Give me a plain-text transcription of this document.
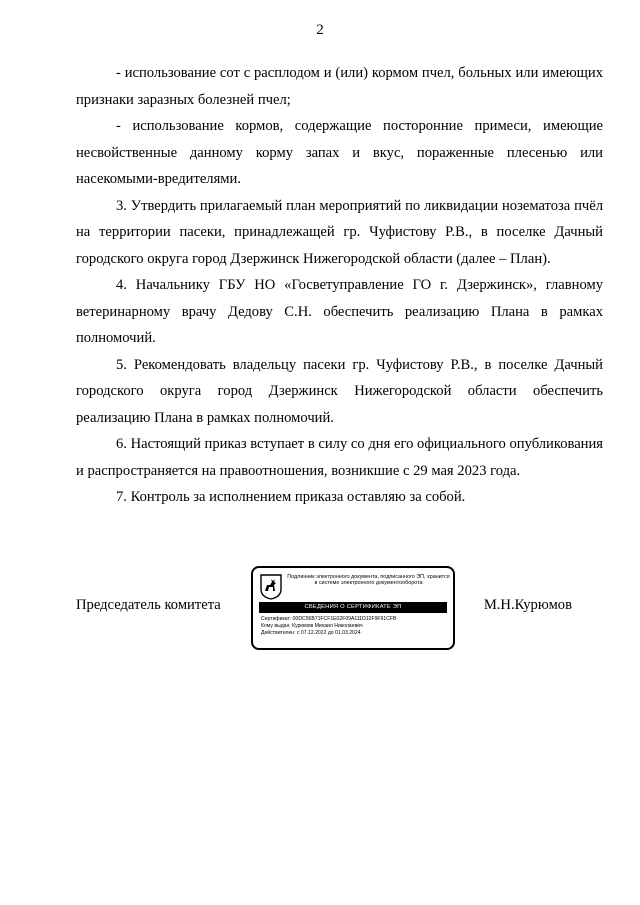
2

- использование сот с расплодом и (или) кормом пчел, больных или имеющих признаки заразных болезней пчел;

- использование кормов, содержащие посторонние примеси, имеющие несвойственные данному корму запах и вкус, пораженные плесенью или насекомыми-вредителями.

3. Утвердить прилагаемый план мероприятий по ликвидации нозематоза пчёл на территории пасеки, принадлежащей гр. Чуфистову Р.В., в поселке Дачный городского округа город Дзержинск Нижегородской области (далее – План).

4. Начальнику ГБУ НО «Госветуправление ГО г. Дзержинск», главному ветеринарному врачу Дедову С.Н. обеспечить реализацию Плана в рамках полномочий.

5. Рекомендовать владельцу пасеки гр. Чуфистову Р.В., в поселке Дачный городского округа город Дзержинск Нижегородской области обеспечить реализацию Плана в рамках полномочий.

6. Настоящий приказ вступает в силу со дня его официального опубликования и распространяется на правоотношения, возникшие с 29 мая 2023 года.

7. Контроль за исполнением приказа оставляю за собой.

Председатель комитета
Подлинник электронного документа, подписанного ЭП, хранится в системе электронного документооборота
СВЕДЕНИЯ О СЕРТИФИКАТЕ ЭП
Сертификат: 00DC56B71FCF1E02F09A111D12F9F91CFB
Кому выдан: Курюмов Михаил Николаевич
Действителен: с 07.12.2022 до 01.03.2024
М.Н.Курюмов
